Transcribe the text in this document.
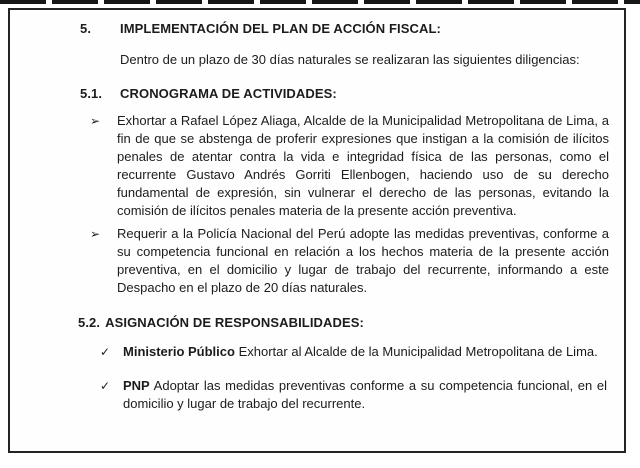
5.	IMPLEMENTACIÓN DEL PLAN DE ACCIÓN FISCAL:
Dentro de un plazo de 30 días naturales se realizaran las siguientes diligencias:
5.1.	CRONOGRAMA DE ACTIVIDADES:
➢	Exhortar a Rafael López Aliaga, Alcalde de la Municipalidad Metropolitana de Lima, a fin de que se abstenga de proferir expresiones que instigan a la comisión de ilícitos penales de atentar contra la vida e integridad física de las personas, como el recurrente Gustavo Andrés Gorriti Ellenbogen, haciendo uso de su derecho fundamental de expresión, sin vulnerar el derecho de las personas, evitando la comisión de ilícitos penales materia de la presente acción preventiva.
➢	Requerir a la Policía Nacional del Perú adopte las medidas preventivas, conforme a su competencia funcional en relación a los hechos materia de la presente acción preventiva, en el domicilio y lugar de trabajo del recurrente, informando a este Despacho en el plazo de 20 días naturales.
5.2. ASIGNACIÓN DE RESPONSABILIDADES:
✓ Ministerio Público Exhortar al Alcalde de la Municipalidad Metropolitana de Lima.
✓ PNP Adoptar las medidas preventivas conforme a su competencia funcional, en el domicilio y lugar de trabajo del recurrente.
